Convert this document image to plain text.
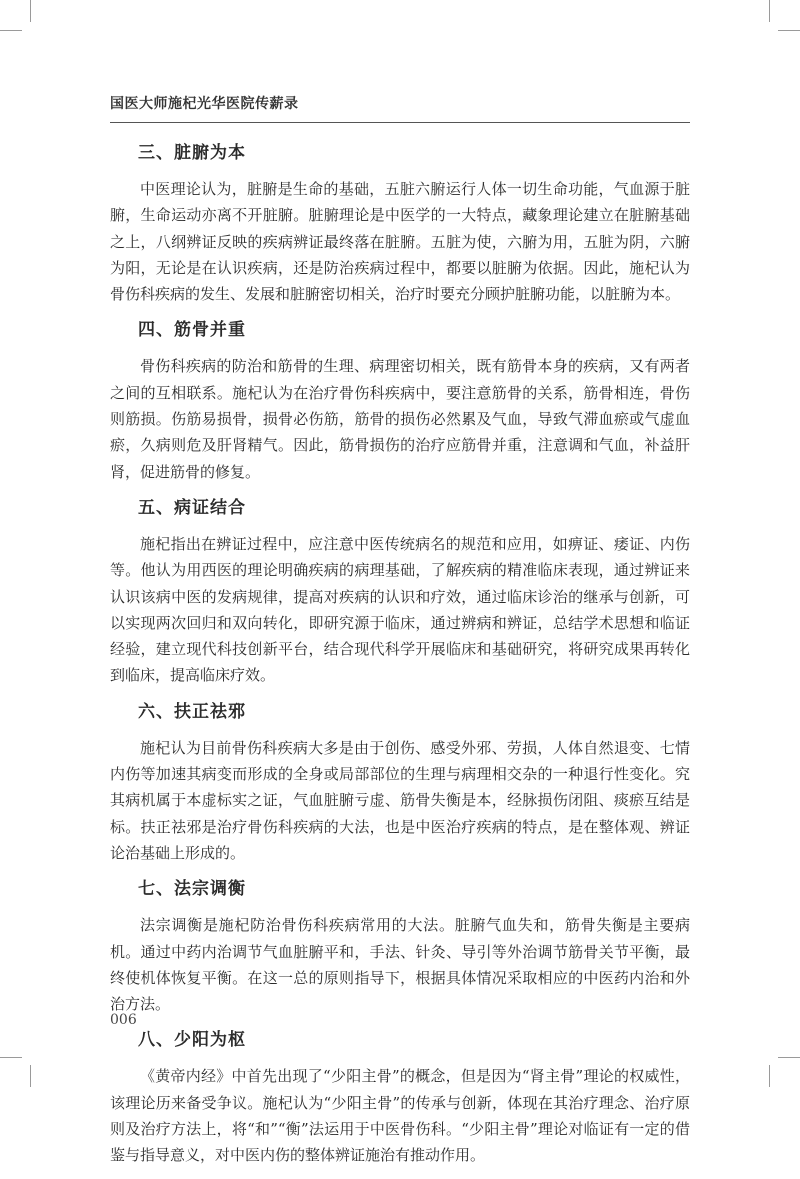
国医大师施杞光华医院传薪录
三、脏腑为本

中医理论认为，脏腑是生命的基础，五脏六腑运行人体一切生命功能，气血源于脏腑，生命运动亦离不开脏腑。脏腑理论是中医学的一大特点，藏象理论建立在脏腑基础之上，八纲辨证反映的疾病辨证最终落在脏腑。五脏为使，六腑为用，五脏为阴，六腑为阳，无论是在认识疾病，还是防治疾病过程中，都要以脏腑为依据。因此，施杞认为骨伤科疾病的发生、发展和脏腑密切相关，治疗时要充分顾护脏腑功能，以脏腑为本。

四、筋骨并重

骨伤科疾病的防治和筋骨的生理、病理密切相关，既有筋骨本身的疾病，又有两者之间的互相联系。施杞认为在治疗骨伤科疾病中，要注意筋骨的关系，筋骨相连，骨伤则筋损。伤筋易损骨，损骨必伤筋，筋骨的损伤必然累及气血，导致气滞血瘀或气虚血瘀，久病则危及肝肾精气。因此，筋骨损伤的治疗应筋骨并重，注意调和气血，补益肝肾，促进筋骨的修复。

五、病证结合

施杞指出在辨证过程中，应注意中医传统病名的规范和应用，如痹证、痿证、内伤等。他认为用西医的理论明确疾病的病理基础，了解疾病的精准临床表现，通过辨证来认识该病中医的发病规律，提高对疾病的认识和疗效，通过临床诊治的继承与创新，可以实现两次回归和双向转化，即研究源于临床，通过辨病和辨证，总结学术思想和临证经验，建立现代科技创新平台，结合现代科学开展临床和基础研究，将研究成果再转化到临床，提高临床疗效。

六、扶正祛邪

施杞认为目前骨伤科疾病大多是由于创伤、感受外邪、劳损，人体自然退变、七情内伤等加速其病变而形成的全身或局部部位的生理与病理相交杂的一种退行性变化。究其病机属于本虚标实之证，气血脏腑亏虚、筋骨失衡是本，经脉损伤闭阻、痰瘀互结是标。扶正祛邪是治疗骨伤科疾病的大法，也是中医治疗疾病的特点，是在整体观、辨证论治基础上形成的。

七、法宗调衡

法宗调衡是施杞防治骨伤科疾病常用的大法。脏腑气血失和，筋骨失衡是主要病机。通过中药内治调节气血脏腑平和，手法、针灸、导引等外治调节筋骨关节平衡，最终使机体恢复平衡。在这一总的原则指导下，根据具体情况采取相应的中医药内治和外治方法。

八、少阳为枢

《黄帝内经》中首先出现了“少阳主骨”的概念，但是因为“肾主骨”理论的权威性，该理论历来备受争议。施杞认为“少阳主骨”的传承与创新，体现在其治疗理念、治疗原则及治疗方法上，将“和”“衡”法运用于中医骨伤科。“少阳主骨”理论对临证有一定的借鉴与指导意义，对中医内伤的整体辨证施治有推动作用。

006
